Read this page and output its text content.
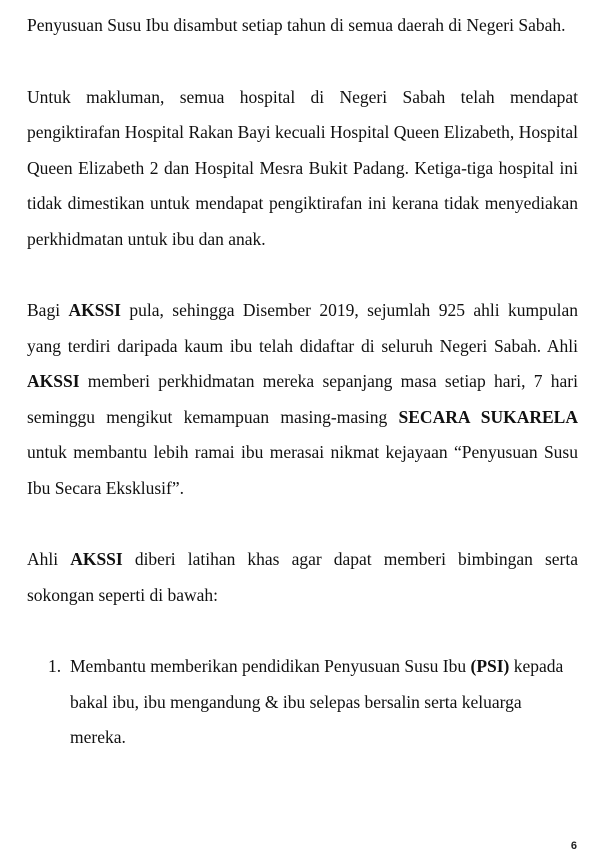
Penyusuan Susu Ibu disambut setiap tahun di semua daerah di Negeri Sabah.

Untuk makluman, semua hospital di Negeri Sabah telah mendapat pengiktirafan Hospital Rakan Bayi kecuali Hospital Queen Elizabeth, Hospital Queen Elizabeth 2 dan Hospital Mesra Bukit Padang. Ketiga-tiga hospital ini tidak dimestikan untuk mendapat pengiktirafan ini kerana tidak menyediakan perkhidmatan untuk ibu dan anak.

Bagi AKSSI pula, sehingga Disember 2019, sejumlah 925 ahli kumpulan yang terdiri daripada kaum ibu telah didaftar di seluruh Negeri Sabah. Ahli AKSSI memberi perkhidmatan mereka sepanjang masa setiap hari, 7 hari seminggu mengikut kemampuan masing-masing SECARA SUKARELA untuk membantu lebih ramai ibu merasai nikmat kejayaan “Penyusuan Susu Ibu Secara Eksklusif”.

Ahli AKSSI diberi latihan khas agar dapat memberi bimbingan serta sokongan seperti di bawah:

1. Membantu memberikan pendidikan Penyusuan Susu Ibu (PSI) kepada bakal ibu, ibu mengandung & ibu selepas bersalin serta keluarga mereka.
6
